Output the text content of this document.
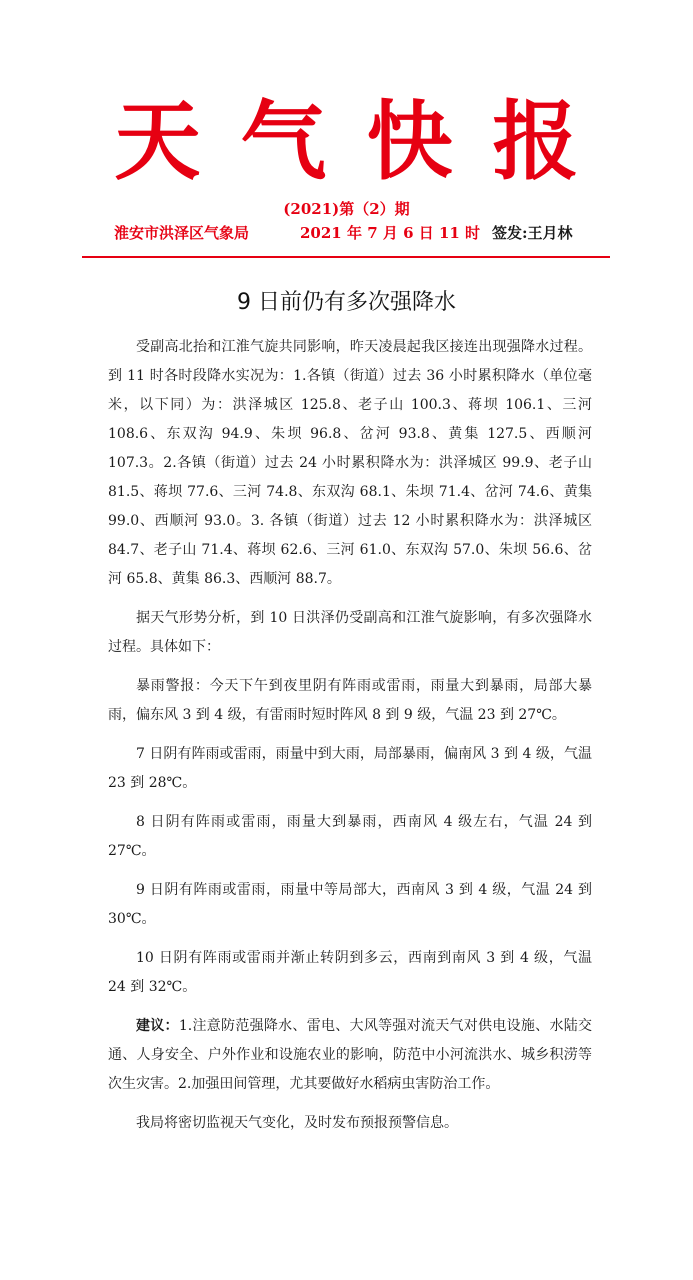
天气快报
(2021)第（2）期
淮安市洪泽区气象局	2021 年 7 月 6 日 11 时 签发:王月林
9 日前仍有多次强降水

受副高北抬和江淮气旋共同影响，昨天凌晨起我区接连出现强降水过程。到 11 时各时段降水实况为：1.各镇（街道）过去 36 小时累积降水（单位毫米，以下同）为：洪泽城区 125.8、老子山 100.3、蒋坝 106.1、三河 108.6、东双沟 94.9、朱坝 96.8、岔河 93.8、黄集 127.5、西顺河 107.3。2.各镇（街道）过去 24 小时累积降水为：洪泽城区 99.9、老子山 81.5、蒋坝 77.6、三河 74.8、东双沟 68.1、朱坝 71.4、岔河 74.6、黄集 99.0、西顺河 93.0。3. 各镇（街道）过去 12 小时累积降水为：洪泽城区 84.7、老子山 71.4、蒋坝 62.6、三河 61.0、东双沟 57.0、朱坝 56.6、岔河 65.8、黄集 86.3、西顺河 88.7。

据天气形势分析，到 10 日洪泽仍受副高和江淮气旋影响，有多次强降水过程。具体如下：

暴雨警报：今天下午到夜里阴有阵雨或雷雨，雨量大到暴雨，局部大暴雨，偏东风 3 到 4 级，有雷雨时短时阵风 8 到 9 级，气温 23 到 27℃。

7 日阴有阵雨或雷雨，雨量中到大雨，局部暴雨，偏南风 3 到 4 级，气温 23 到 28℃。

8 日阴有阵雨或雷雨，雨量大到暴雨，西南风 4 级左右，气温 24 到 27℃。

9 日阴有阵雨或雷雨，雨量中等局部大，西南风 3 到 4 级，气温 24 到 30℃。

10 日阴有阵雨或雷雨并渐止转阴到多云，西南到南风 3 到 4 级，气温 24 到 32℃。

建议：1.注意防范强降水、雷电、大风等强对流天气对供电设施、水陆交通、人身安全、户外作业和设施农业的影响，防范中小河流洪水、城乡积涝等次生灾害。2.加强田间管理，尤其要做好水稻病虫害防治工作。

我局将密切监视天气变化，及时发布预报预警信息。
